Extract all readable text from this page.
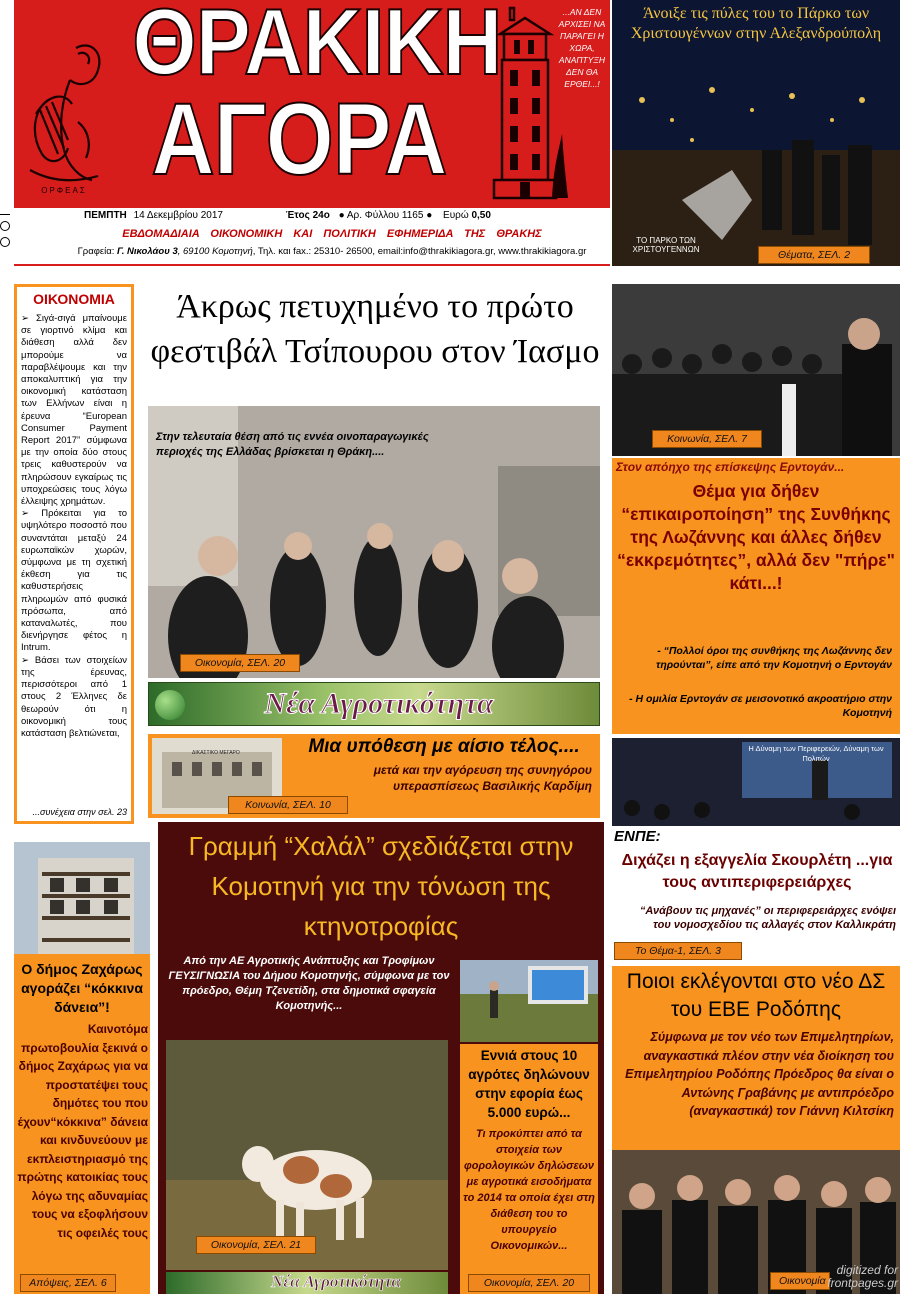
ΟΡΦΕΑΣ
ΘΡΑΚΙΚΗ
ΑΓΟΡΑ
...ΑΝ ΔΕΝ ΑΡΧΙΣΕΙ ΝΑ ΠΑΡΑΓΕΙ Η ΧΩΡΑ, ΑΝΑΠΤΥΞΗ ΔΕΝ ΘΑ ΕΡΘΕΙ...!
ΠΕΜΠΤΗ 14 Δεκεμβρίου 2017	Έτος 24ο ● Αρ. Φύλλου 1165 ● Ευρώ 0,50
ΕΒΔΟΜΑΔΙΑΙΑ ΟΙΚΟΝΟΜΙΚΗ ΚΑΙ ΠΟΛΙΤΙΚΗ ΕΦΗΜΕΡΙΔΑ ΤΗΣ ΘΡΑΚΗΣ
Γραφεία: Γ. Νικολάου 3, 69100 Κομοτηνή, Τηλ. και fax.: 25310- 26500, email:info@thrakikiagora.gr, www.thrakikiagora.gr
Άνοιξε τις πύλες του το Πάρκο των Χριστουγέννων στην Αλεξανδρούπολη
ΤΟ ΠΑΡΚΟ ΤΩΝ ΧΡΙΣΤΟΥΓΕΝΝΩΝ	Θέματα, ΣΕΛ. 2
ΟΙΚΟΝΟΜΙΑ
➢ Σιγά-σιγά μπαίνουμε σε γιορτινό κλίμα και διάθεση αλλά δεν μπορούμε να παραβλέψουμε και την αποκαλυπτική για την οικονομική κατάσταση των Ελλήνων είναι η έρευνα “European Consumer Payment Report 2017” σύμφωνα με την οποία δύο στους τρεις καθυστερούν να πληρώσουν εγκαίρως τις υποχρεώσεις τους λόγω έλλειψης χρημάτων.
➢ Πρόκειται για το υψηλότερο ποσοστό που συναντάται μεταξύ 24 ευρωπαϊκών χωρών, σύμφωνα με τη σχετική έκθεση για τις καθυστερήσεις πληρωμών από φυσικά πρόσωπα, από καταναλωτές, που διενήργησε φέτος η Intrum.
➢ Βάσει των στοιχείων της έρευνας, περισσότεροι από 1 στους 2 Έλληνες δε θεωρούν ότι η οικονομική τους κατάσταση βελτιώνεται,
...συνέχεια στην σελ. 23
Άκρως πετυχημένο το πρώτο φεστιβάλ Τσίπουρου στον Ίασμο
Στην τελευταία θέση από τις εννέα οινοπαραγωγικές περιοχές της Ελλάδας βρίσκεται η Θράκη....
Οικονομία, ΣΕΛ. 20
Νέα Αγροτικότητα
ΔΙΚΑΣΤΙΚΟ ΜΕΓΑΡΟ	Μια υπόθεση με αίσιο τέλος....
μετά και την αγόρευση της συνηγόρου υπερασπίσεως Βασιλικής Καρδίμη
Κοινωνία, ΣΕΛ. 10
Κοινωνία, ΣΕΛ. 7
Στον απόηχο της επίσκεψης Ερντογάν...
Θέμα για δήθεν “επικαιροποίηση” της Συνθήκης της Λωζάννης και άλλες δήθεν “εκκρεμότητες”, αλλά δεν "πήρε" κάτι...!
- “Πολλοί όροι της συνθήκης της Λωζάννης δεν τηρούνται”, είπε από την Κομοτηνή ο Ερντογάν
- Η ομιλία Ερντογάν σε μεισονοτικό ακροατήριο στην Κομοτηνή
Η Δύναμη των Περιφερειών, Δύναμη των Πολιτών
ΕΝΠΕ:
Διχάζει η εξαγγελία Σκουρλέτη ...για τους αντιπεριφερειάρχες
“Ανάβουν τις μηχανές” οι περιφερειάρχες ενόψει του νομοσχεδίου τις αλλαγές στον Καλλικράτη
Το Θέμα-1, ΣΕΛ. 3
Ποιοι εκλέγονται στο νέο ΔΣ του ΕΒΕ Ροδόπης
Σύμφωνα με τον νέο των Επιμελητηρίων, αναγκαστικά πλέον στην νέα διοίκηση του Επιμελητηρίου Ροδόπης Πρόεδρος θα είναι ο Αντώνης Γραβάνης με αντιπρόεδρο (αναγκαστικά) τον Γιάννη Κιλτσίκη
Οικονομία
digitized for frontpages.gr
Ο δήμος Ζαχάρως αγοράζει “κόκκινα δάνεια”!
Καινοτόμα πρωτοβουλία ξεκινά ο δήμος Ζαχάρως για να προστατέψει τους δημότες του που έχουν“κόκκινα” δάνεια και κινδυνεύουν με εκπλειστηριασμό της πρώτης κατοικίας τους λόγω της αδυναμίας τους να εξοφλήσουν τις οφειλές τους
Απόψεις, ΣΕΛ. 6
Γραμμή “Χαλάλ” σχεδιάζεται στην Κομοτηνή για την τόνωση της κτηνοτροφίας
Από την ΑΕ Αγροτικής Ανάπτυξης και Τροφίμων ΓΕΥΣΙΓΝΩΣΙΑ του Δήμου Κομοτηνής, σύμφωνα με τον πρόεδρο, Θέμη Τζενετίδη, στα δημοτικά σφαγεία Κομοτηνής...
Οικονομία, ΣΕΛ. 21
Νέα Αγροτικότητα
Εννιά στους 10 αγρότες δηλώνουν στην εφορία έως 5.000 ευρώ...
Τι προκύπτει από τα στοιχεία των φορολογικών δηλώσεων με αγροτικά εισοδήματα το 2014 τα οποία έχει στη διάθεση του το υπουργείο Οικονομικών...
Οικονομία, ΣΕΛ. 20
